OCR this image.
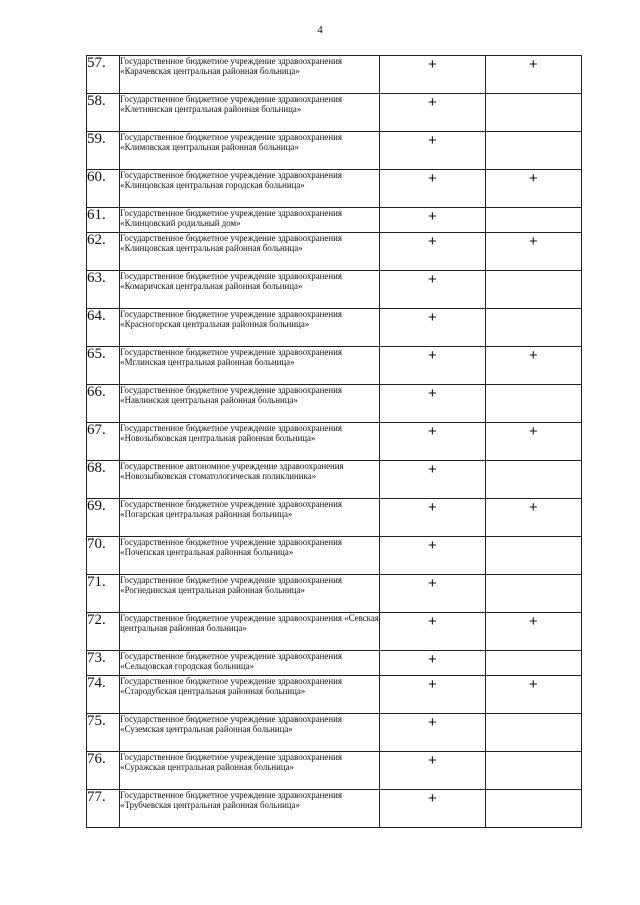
4
57.	Государственное бюджетное учреждение здравоохранения «Карачевская центральная районная больница»	+	+
58.	Государственное бюджетное учреждение здравоохранения «Клетнянская центральная районная больница»	+	
59.	Государственное бюджетное учреждение здравоохранения «Климовская центральная районная больница»	+	
60.	Государственное бюджетное учреждение здравоохранения «Клинцовская центральная городская больница»	+	+
61.	Государственное бюджетное учреждение здравоохранения «Клинцовский родильный дом»	+	
62.	Государственное бюджетное учреждение здравоохранения «Клинцовская центральная районная больница»	+	+
63.	Государственное бюджетное учреждение здравоохранения «Комаричская центральная районная больница»	+	
64.	Государственное бюджетное учреждение здравоохранения «Красногорская центральная районная больница»	+	
65.	Государственное бюджетное учреждение здравоохранения «Мглинская центральная районная больница»	+	+
66.	Государственное бюджетное учреждение здравоохранения «Навлинская центральная районная больница»	+	
67.	Государственное бюджетное учреждение здравоохранения «Новозыбковская центральная районная больница»	+	+
68.	Государственное автономное учреждение здравоохранения «Новозыбковская стоматологическая поликлиника»	+	
69.	Государственное бюджетное учреждение здравоохранения «Погарская центральная районная больница»	+	+
70.	Государственное бюджетное учреждение здравоохранения «Почепская центральная районная больница»	+	
71.	Государственное бюджетное учреждение здравоохранения «Рогнединская центральная районная больница»	+	
72.	Государственное бюджетное учреждение здравоохранения «Севская центральная районная больница»	+	+
73.	Государственное бюджетное учреждение здравоохранения «Сельцовская городская больница»	+	
74.	Государственное бюджетное учреждение здравоохранения «Стародубская центральная районная больница»	+	+
75.	Государственное бюджетное учреждение здравоохранения «Суземская центральная районная больница»	+	
76.	Государственное бюджетное учреждение здравоохранения «Суражская центральная районная больница»	+	
77.	Государственное бюджетное учреждение здравоохранения «Трубчевская центральная районная больница»	+	
